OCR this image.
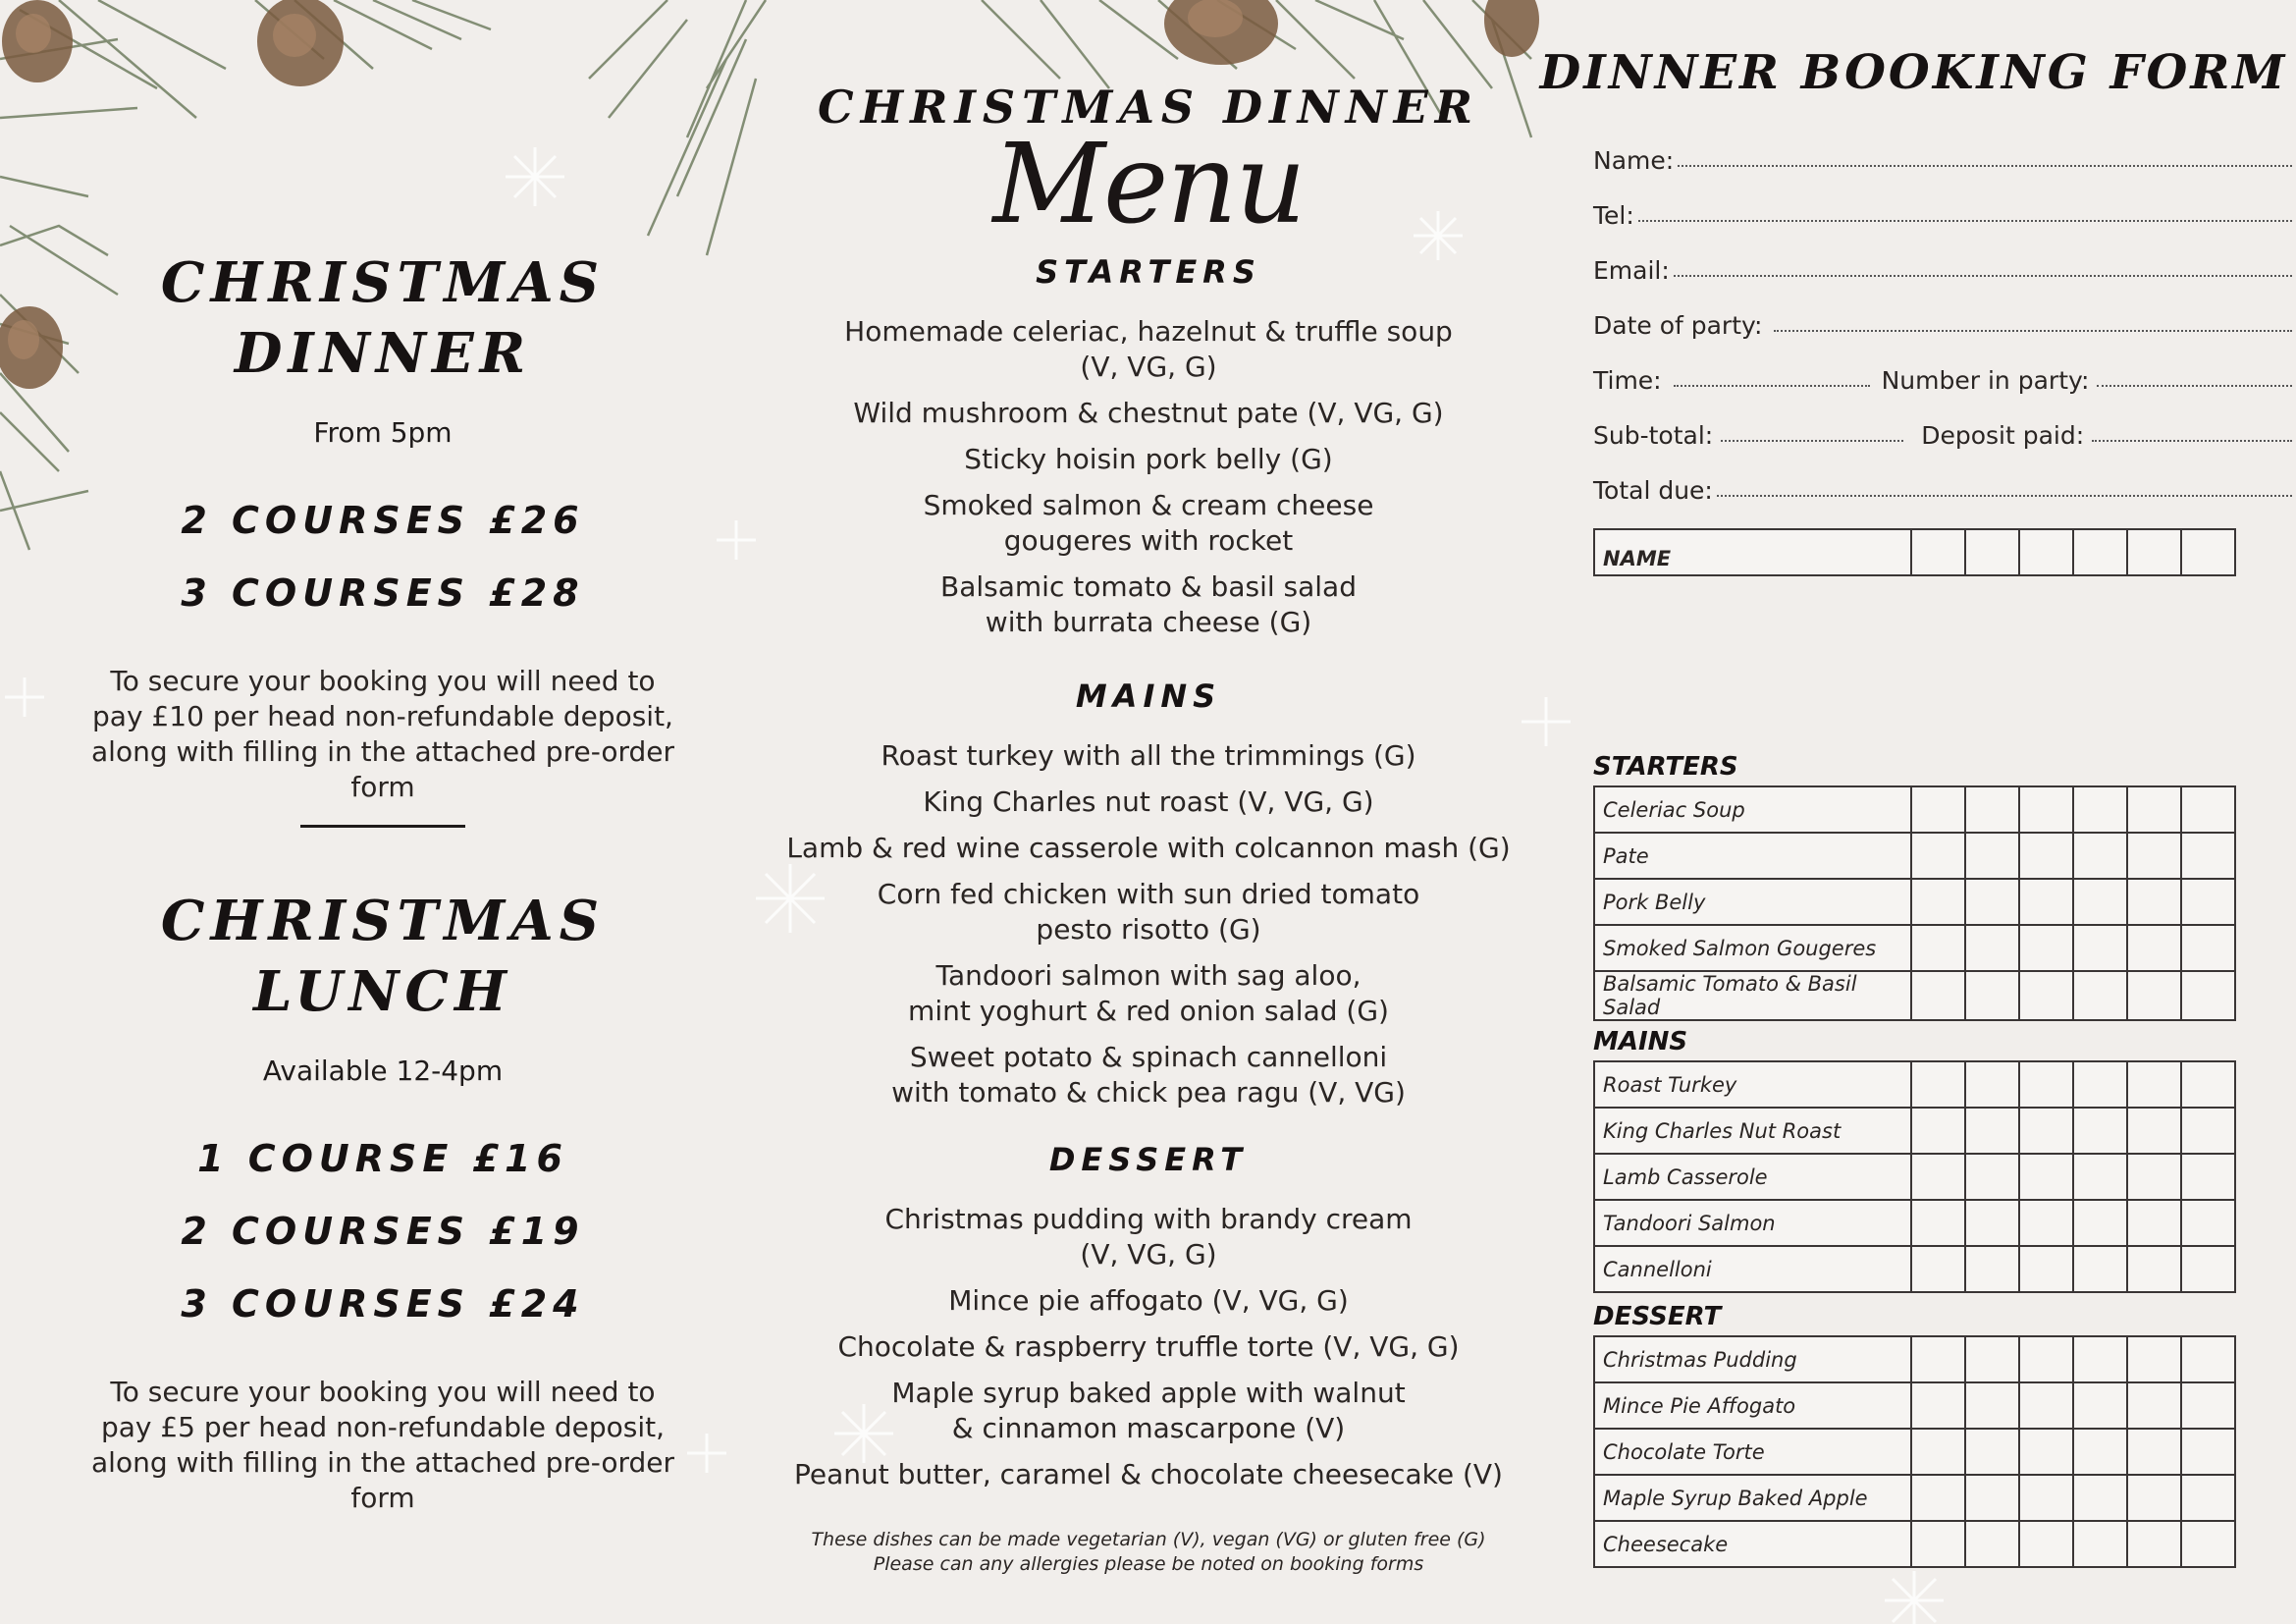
CHRISTMAS
DINNER
From 5pm
2 COURSES £26
3 COURSES £28
To secure your booking you will need to pay £10 per head non-refundable deposit, along with filling in the attached pre-order form
CHRISTMAS
LUNCH
Available 12-4pm
1 COURSE £16
2 COURSES £19
3 COURSES £24
To secure your booking you will need to pay £5 per head non-refundable deposit, along with filling in the attached pre-order form
CHRISTMAS DINNER
Menu
STARTERS
Homemade celeriac, hazelnut & truffle soup
(V, VG, G)
Wild mushroom & chestnut pate (V, VG, G)
Sticky hoisin pork belly (G)
Smoked salmon & cream cheese
gougeres with rocket
Balsamic tomato & basil salad
with burrata cheese (G)
MAINS
Roast turkey with all the trimmings (G)
King Charles nut roast (V, VG, G)
Lamb & red wine casserole with colcannon mash (G)
Corn fed chicken with sun dried tomato
pesto risotto (G)
Tandoori salmon with sag aloo,
mint yoghurt & red onion salad (G)
Sweet potato & spinach cannelloni
with tomato & chick pea ragu (V, VG)
DESSERT
Christmas pudding with brandy cream
(V, VG, G)
Mince pie affogato (V, VG, G)
Chocolate & raspberry truffle torte (V, VG, G)
Maple syrup baked apple with walnut
& cinnamon mascarpone (V)
Peanut butter, caramel & chocolate cheesecake (V)
These dishes can be made vegetarian (V), vegan (VG) or gluten free (G)
Please can any allergies please be noted on booking forms
DINNER BOOKING FORM
Name:
Tel:
Email:
Date of party:
Time:	Number in party:
Sub-total:	Deposit paid:
Total due:
NAME						
STARTERS
Celeriac Soup						
Pate						
Pork Belly						
Smoked Salmon Gougeres						
Balsamic Tomato & Basil Salad						
MAINS
Roast Turkey						
King Charles Nut Roast						
Lamb Casserole						
Tandoori Salmon						
Cannelloni						
DESSERT
Christmas Pudding						
Mince Pie Affogato						
Chocolate Torte						
Maple Syrup Baked Apple						
Cheesecake						
